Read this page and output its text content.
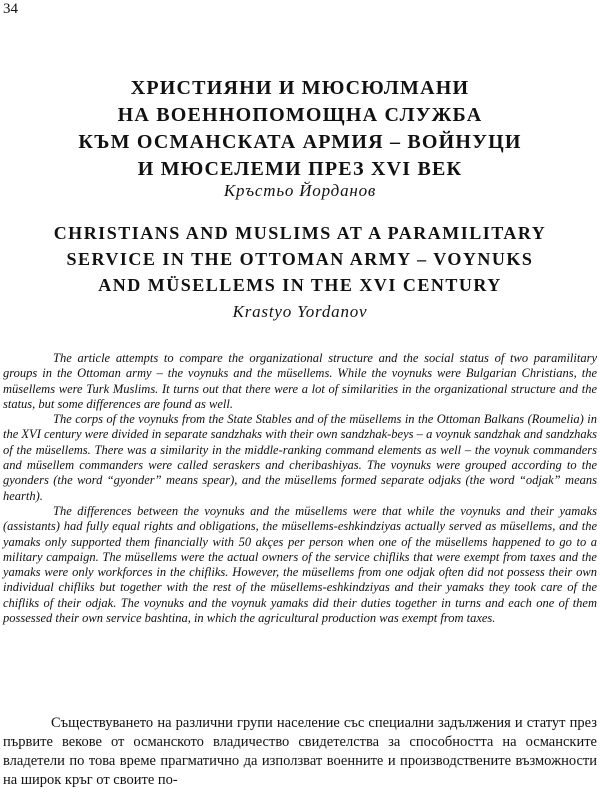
34
ХРИСТИЯНИ И МЮСЮЛМАНИ
НА ВОЕННОПОМОЩНА СЛУЖБА
КЪМ ОСМАНСКАТА АРМИЯ – ВОЙНУЦИ
И МЮСЕЛЕМИ ПРЕЗ XVI ВЕК
Кръстьо Йорданов
CHRISTIANS AND MUSLIMS AT A PARAMILITARY
SERVICE IN THE OTTOMAN ARMY – VOYNUKS
AND MÜSELLEMS IN THE XVI CENTURY
Krastyo Yordanov

The article attempts to compare the organizational structure and the social status of two paramilitary groups in the Ottoman army – the voynuks and the müsellems. While the voynuks were Bulgarian Christians, the müsellems were Turk Muslims. It turns out that there were a lot of similarities in the organizational structure and the status, but some differences are found as well.

The corps of the voynuks from the State Stables and of the müsellems in the Ottoman Balkans (Roumelia) in the XVI century were divided in separate sandzhaks with their own sandzhak-beys – a voynuk sandzhak and sandzhaks of the müsellems. There was a similarity in the middle-ranking command elements as well – the voynuk commanders and müsellem commanders were called seraskers and cheribashiyas. The voynuks were grouped according to the gyonders (the word “gyonder” means spear), and the müsellems formed separate odjaks (the word “odjak” means hearth).

The differences between the voynuks and the müsellems were that while the voynuks and their yamaks (assistants) had fully equal rights and obligations, the müsellems-eshkindziyas actually served as müsellems, and the yamaks only supported them financially with 50 akçes per person when one of the müsellems happened to go to a military campaign. The müsellems were the actual owners of the service chifliks that were exempt from taxes and the yamaks were only workforces in the chifliks. However, the müsellems from one odjak often did not possess their own individual chifliks but together with the rest of the müsellems-eshkindziyas and their yamaks they took care of the chifliks of their odjak. The voynuks and the voynuk yamaks did their duties together in turns and each one of them possessed their own service bashtina, in which the agricultural production was exempt from taxes.

Съществуването на различни групи население със специални задължения и статут през първите векове от османското владичество свидетелства за способността на османските владетели по това време прагматично да използват военните и производствените възможности на широк кръг от своите по-
